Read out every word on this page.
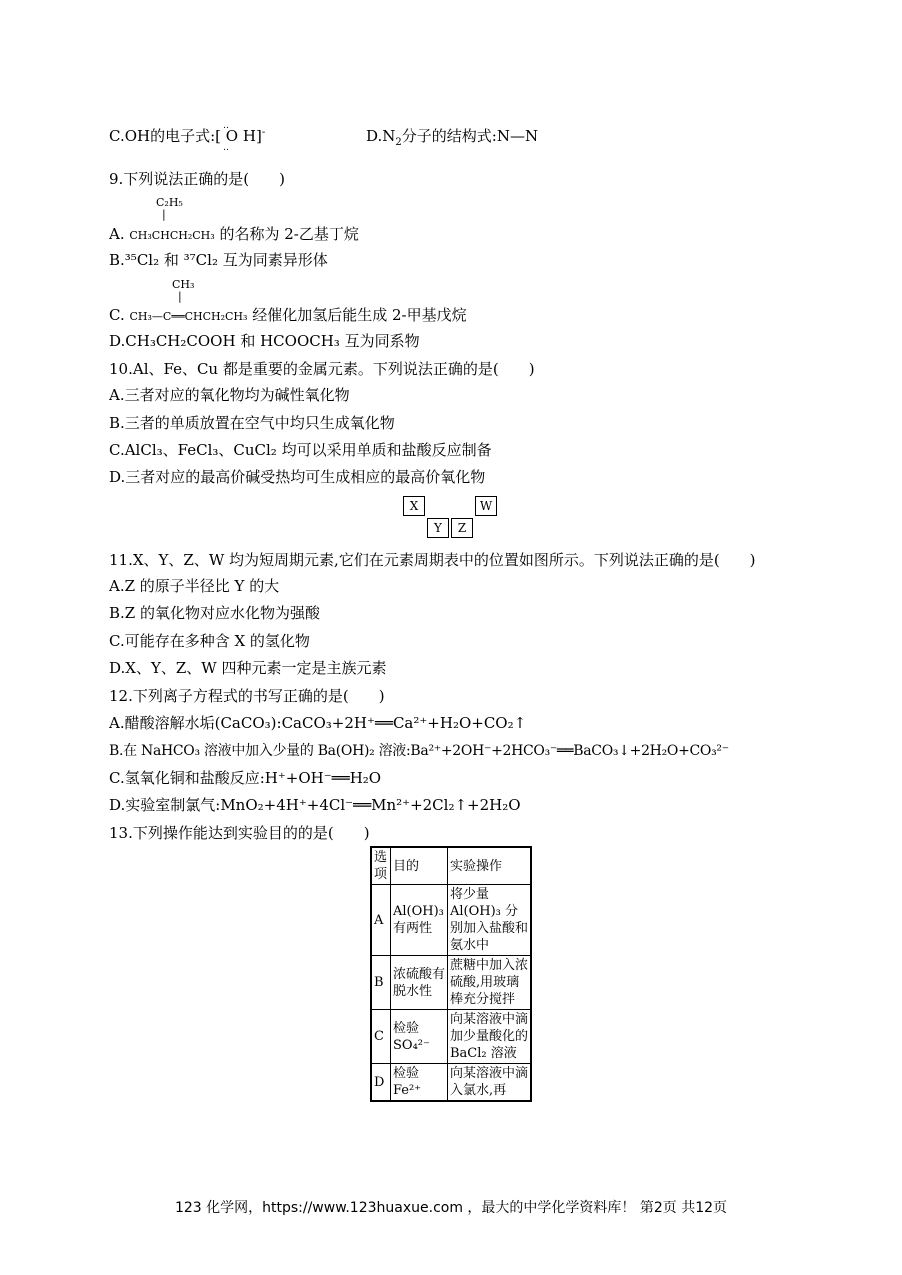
C.OH的电子式:[
‥
O
‥
H]-	$D.N_2$分子的结构式:N—N
9.下列说法正确的是(　　)
C₂H₅
|
A. CH₃CHCH₂CH₃ 的名称为 2-乙基丁烷
B.³⁵Cl₂ 和 ³⁷Cl₂ 互为同素异形体
CH₃
|
C. CH₃—C══CHCH₂CH₃ 经催化加氢后能生成 2-甲基戊烷
D.CH₃CH₂COOH 和 HCOOCH₃ 互为同系物
10.Al、Fe、Cu 都是重要的金属元素。下列说法正确的是(　　)
A.三者对应的氧化物均为碱性氧化物
B.三者的单质放置在空气中均只生成氧化物
C.AlCl₃、FeCl₃、CuCl₂ 均可以采用单质和盐酸反应制备
D.三者对应的最高价碱受热均可生成相应的最高价氧化物
X	W
Y	Z
11.X、Y、Z、W 均为短周期元素,它们在元素周期表中的位置如图所示。下列说法正确的是(　　)
A.Z 的原子半径比 Y 的大
B.Z 的氧化物对应水化物为强酸
C.可能存在多种含 X 的氢化物
D.X、Y、Z、W 四种元素一定是主族元素
12.下列离子方程式的书写正确的是(　　)
A.醋酸溶解水垢(CaCO₃):CaCO₃+2H⁺══Ca²⁺+H₂O+CO₂↑
B.在 NaHCO₃ 溶液中加入少量的 Ba(OH)₂ 溶液:Ba²⁺+2OH⁻+2HCO₃⁻══BaCO₃↓+2H₂O+CO₃²⁻
C.氢氧化铜和盐酸反应:H⁺+OH⁻══H₂O
D.实验室制氯气:MnO₂+4H⁺+4Cl⁻══Mn²⁺+2Cl₂↑+2H₂O
13.下列操作能达到实验目的的是(　　)
选项	目的	实验操作
A	Al(OH)₃ 有两性	将少量 Al(OH)₃ 分别加入盐酸和氨水中
B	浓硫酸有脱水性	蔗糖中加入浓硫酸,用玻璃棒充分搅拌
C	检验 SO₄²⁻	向某溶液中滴加少量酸化的 BaCl₂ 溶液
D	检验 Fe²⁺	向某溶液中滴入氯水,再
123 化学网，https://www.123huaxue.com ，最大的中学化学资料库！ 第2页 共12页
